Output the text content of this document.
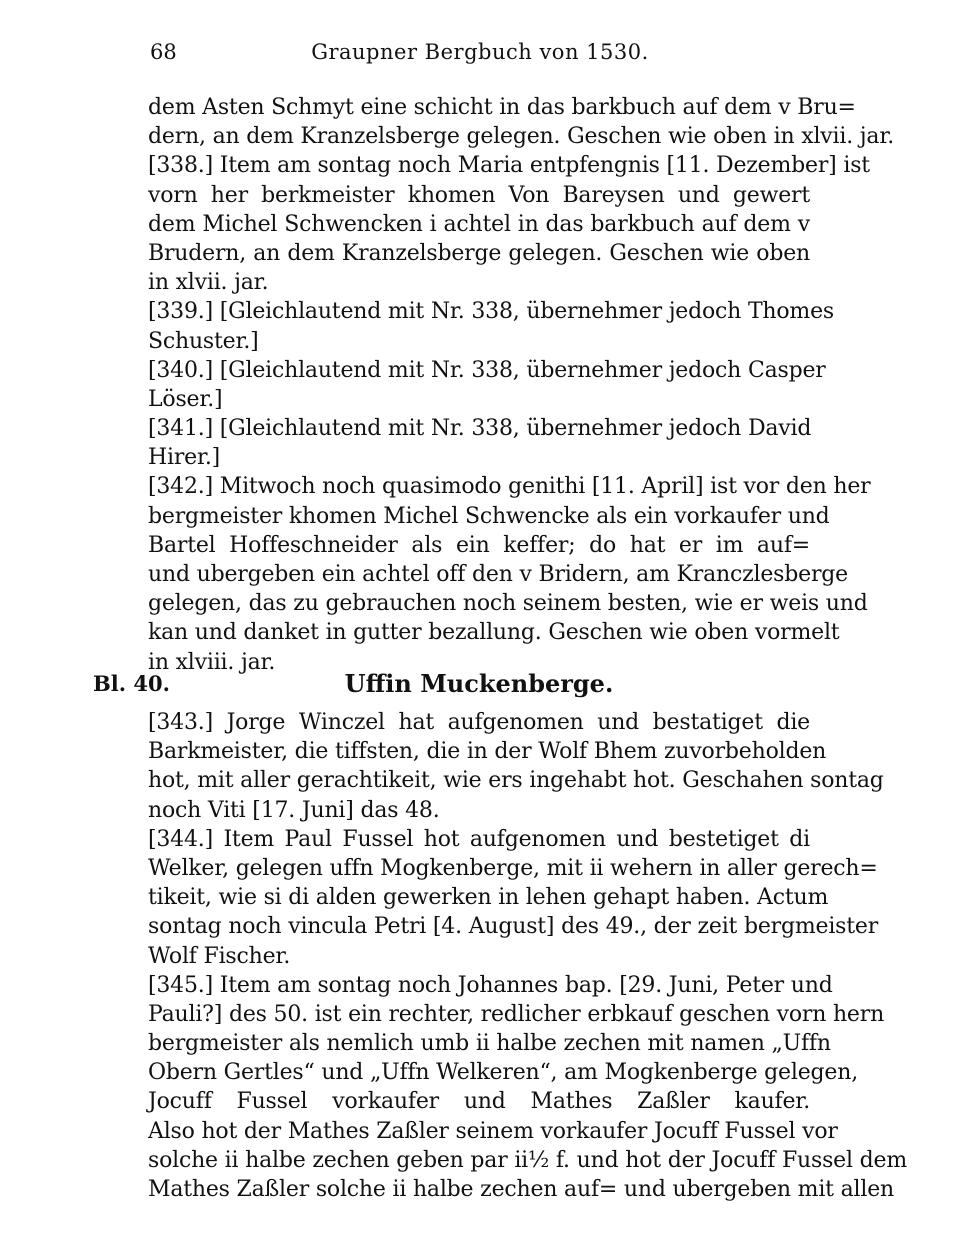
68	Graupner Bergbuch von 1530.
dem Asten Schmyt eine schicht in das barkbuch auf dem v Bru=
dern, an dem Kranzelsberge gelegen. Geschen wie oben in xlvii. jar.
[338.] Item am sontag noch Maria entpfengnis [11. Dezember] ist
vorn her berkmeister khomen Von Bareysen und gewert
dem Michel Schwencken i achtel in das barkbuch auf dem v
Brudern, an dem Kranzelsberge gelegen. Geschen wie oben
in xlvii. jar.
[339.] [Gleichlautend mit Nr. 338, übernehmer jedoch Thomes
Schuster.]
[340.] [Gleichlautend mit Nr. 338, übernehmer jedoch Casper
Löser.]
[341.] [Gleichlautend mit Nr. 338, übernehmer jedoch David
Hirer.]
[342.] Mitwoch noch quasimodo genithi [11. April] ist vor den her
bergmeister khomen Michel Schwencke als ein vorkaufer und
Bartel Hoffeschneider als ein keffer; do hat er im auf=
und ubergeben ein achtel off den v Bridern, am Kranczlesberge
gelegen, das zu gebrauchen noch seinem besten, wie er weis und
kan und danket in gutter bezallung. Geschen wie oben vormelt
in xlviii. jar.
Bl. 40.	Uffin Muckenberge.
[343.] Jorge Winczel hat aufgenomen und bestatiget die
Barkmeister, die tiffsten, die in der Wolf Bhem zuvorbeholden
hot, mit aller gerachtikeit, wie ers ingehabt hot. Geschahen sontag
noch Viti [17. Juni] das 48.
[344.] Item Paul Fussel hot aufgenomen und bestetiget di
Welker, gelegen uffn Mogkenberge, mit ii wehern in aller gerech=
tikeit, wie si di alden gewerken in lehen gehapt haben. Actum
sontag noch vincula Petri [4. August] des 49., der zeit bergmeister
Wolf Fischer.
[345.] Item am sontag noch Johannes bap. [29. Juni, Peter und
Pauli?] des 50. ist ein rechter, redlicher erbkauf geschen vorn hern
bergmeister als nemlich umb ii halbe zechen mit namen „Uffn
Obern Gertles“ und „Uffn Welkeren“, am Mogkenberge gelegen,
Jocuff Fussel vorkaufer und Mathes Zaßler kaufer.
Also hot der Mathes Zaßler seinem vorkaufer Jocuff Fussel vor
solche ii halbe zechen geben par ii½ f. und hot der Jocuff Fussel dem
Mathes Zaßler solche ii halbe zechen auf= und ubergeben mit allen
